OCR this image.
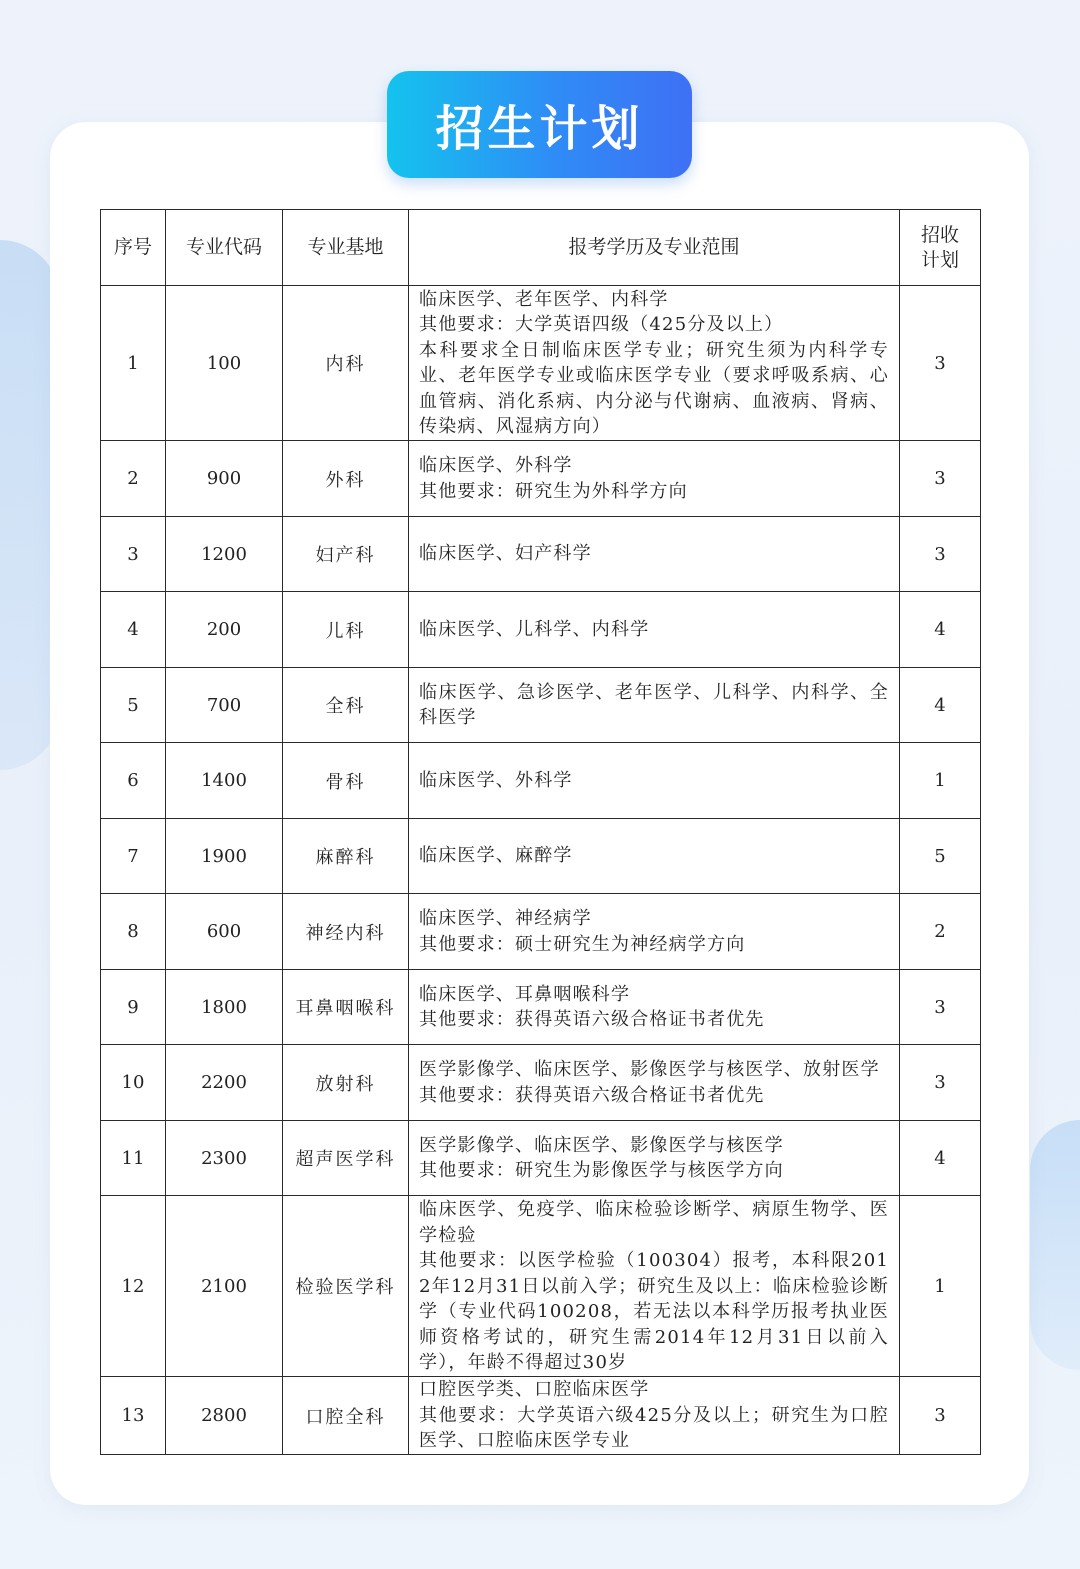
招生计划
序号	专业代码	专业基地	报考学历及专业范围	招收
计划

1	100	内科	临床医学、老年医学、内科学
其他要求：大学英语四级（425分及以上）
本科要求全日制临床医学专业；研究生须为内科学专业、老年医学专业或临床医学专业（要求呼吸系病、心血管病、消化系病、内分泌与代谢病、血液病、肾病、传染病、风湿病方向）	3
2	900	外科	临床医学、外科学
其他要求：研究生为外科学方向	3
3	1200	妇产科	临床医学、妇产科学	3
4	200	儿科	临床医学、儿科学、内科学	4
5	700	全科	临床医学、急诊医学、老年医学、儿科学、内科学、全科医学	4
6	1400	骨科	临床医学、外科学	1
7	1900	麻醉科	临床医学、麻醉学	5
8	600	神经内科	临床医学、神经病学
其他要求：硕士研究生为神经病学方向	2
9	1800	耳鼻咽喉科	临床医学、耳鼻咽喉科学
其他要求：获得英语六级合格证书者优先	3
10	2200	放射科	医学影像学、临床医学、影像医学与核医学、放射医学
其他要求：获得英语六级合格证书者优先	3
11	2300	超声医学科	医学影像学、临床医学、影像医学与核医学
其他要求：研究生为影像医学与核医学方向	4
12	2100	检验医学科	临床医学、免疫学、临床检验诊断学、病原生物学、医学检验
其他要求：以医学检验（100304）报考，本科限2012年12月31日以前入学；研究生及以上：临床检验诊断学（专业代码100208，若无法以本科学历报考执业医师资格考试的，研究生需2014年12月31日以前入学），年龄不得超过30岁	1
13	2800	口腔全科	口腔医学类、口腔临床医学
其他要求：大学英语六级425分及以上；研究生为口腔医学、口腔临床医学专业	3
